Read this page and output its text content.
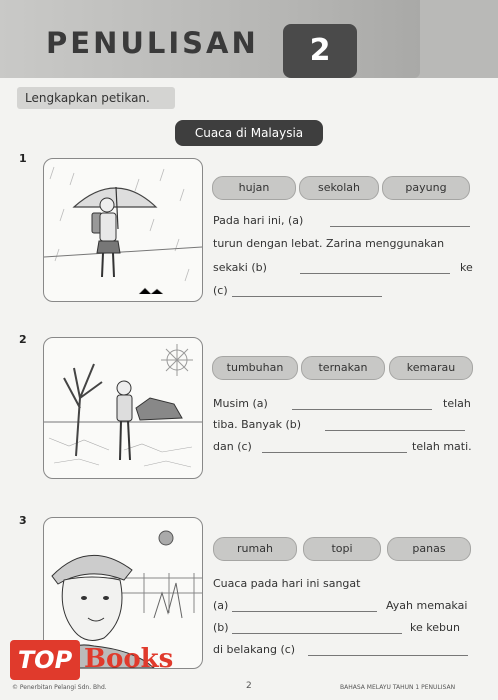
PENULISAN	2
Lengkapkan petikan.
Cuaca di Malaysia
1
hujan	sekolah	payung
Pada hari ini, (a)
turun dengan lebat. Zarina menggunakan
sekaki (b)	ke
(c)
2
tumbuhan	ternakan	kemarau
Musim (a)	telah
tiba. Banyak (b)
dan (c)	telah mati.
3
rumah	topi	panas
Cuaca pada hari ini sangat
(a)	Ayah memakai
(b)	ke kebun
di belakang (c)
© Penerbitan Pelangi Sdn. Bhd.	2	BAHASA MELAYU TAHUN 1 PENULISAN
TOP Books
